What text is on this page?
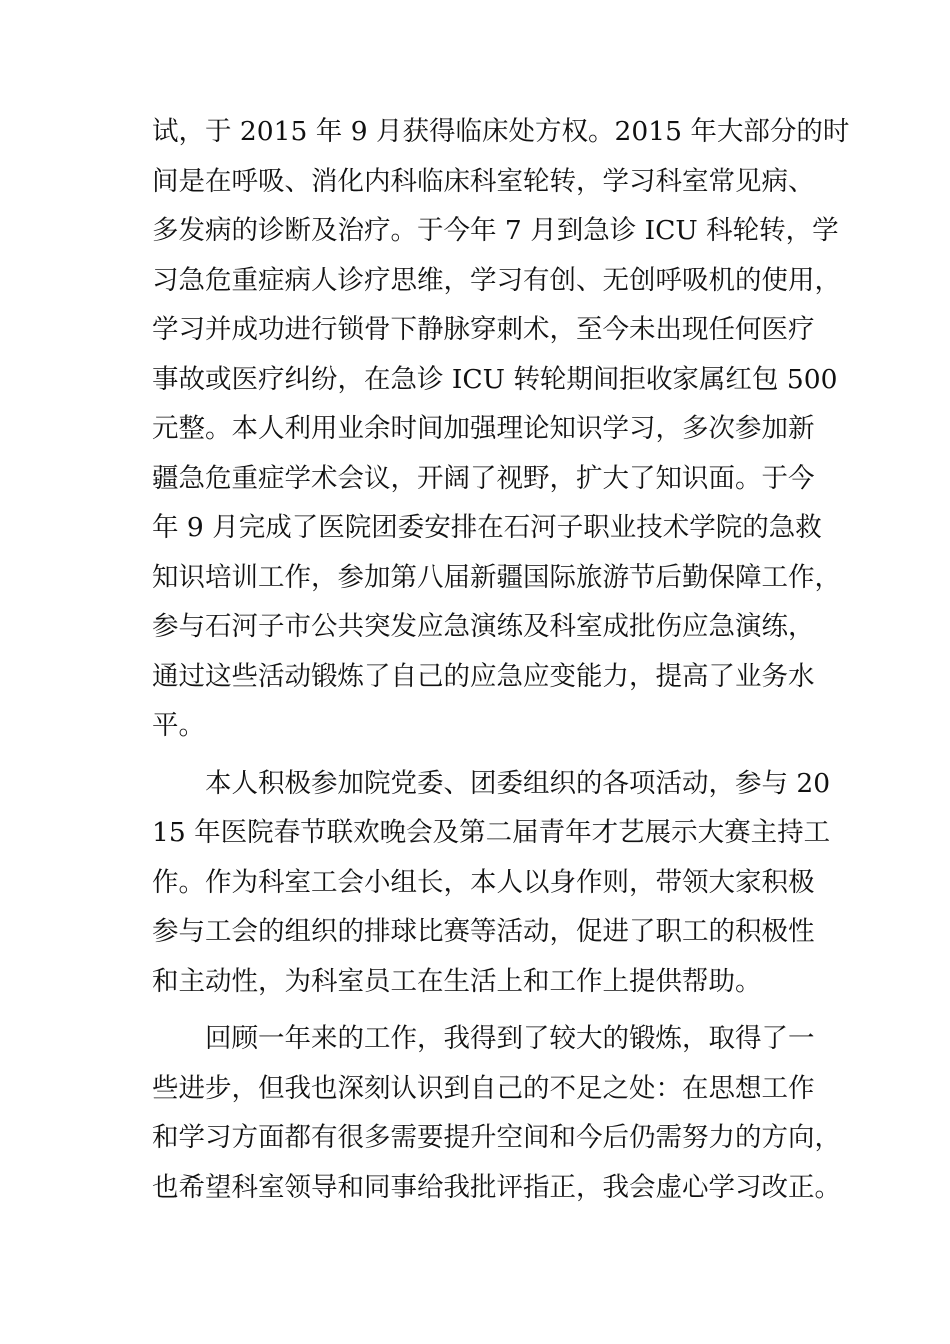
试，于 2015 年 9 月获得临床处方权。2015 年大部分的时
间是在呼吸、消化内科临床科室轮转，学习科室常见病、
多发病的诊断及治疗。于今年 7 月到急诊 ICU 科轮转，学
习急危重症病人诊疗思维，学习有创、无创呼吸机的使用，
学习并成功进行锁骨下静脉穿刺术，至今未出现任何医疗
事故或医疗纠纷，在急诊 ICU 转轮期间拒收家属红包 500
元整。本人利用业余时间加强理论知识学习，多次参加新
疆急危重症学术会议，开阔了视野，扩大了知识面。于今
年 9 月完成了医院团委安排在石河子职业技术学院的急救
知识培训工作，参加第八届新疆国际旅游节后勤保障工作，
参与石河子市公共突发应急演练及科室成批伤应急演练，
通过这些活动锻炼了自己的应急应变能力，提高了业务水
平。
本人积极参加院党委、团委组织的各项活动，参与 20
15 年医院春节联欢晚会及第二届青年才艺展示大赛主持工
作。作为科室工会小组长，本人以身作则，带领大家积极
参与工会的组织的排球比赛等活动，促进了职工的积极性
和主动性，为科室员工在生活上和工作上提供帮助。
回顾一年来的工作，我得到了较大的锻炼，取得了一
些进步，但我也深刻认识到自己的不足之处：在思想工作
和学习方面都有很多需要提升空间和今后仍需努力的方向，
也希望科室领导和同事给我批评指正，我会虚心学习改正。
